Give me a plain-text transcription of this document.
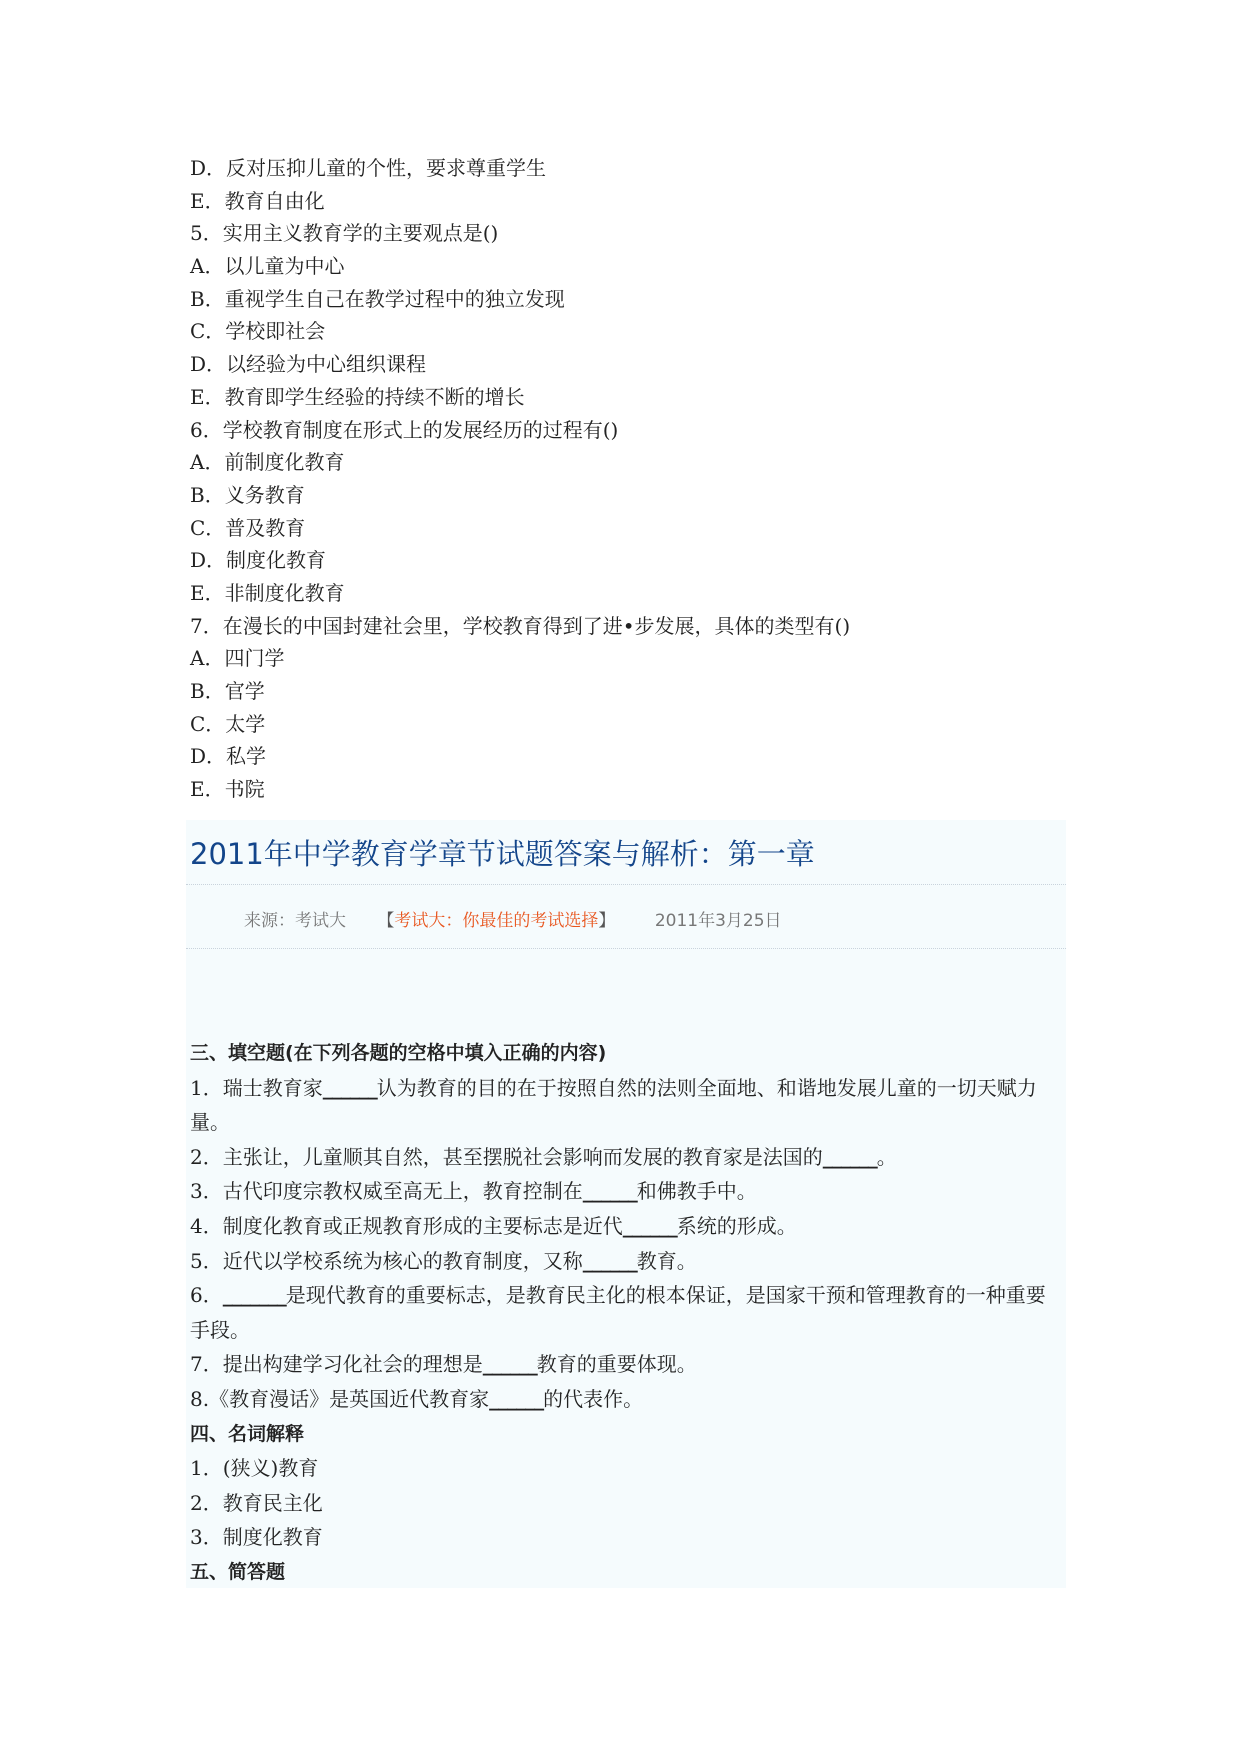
D．反对压抑儿童的个性，要求尊重学生
E．教育自由化
5．实用主义教育学的主要观点是()
A．以儿童为中心
B．重视学生自己在教学过程中的独立发现
C．学校即社会
D．以经验为中心组织课程
E．教育即学生经验的持续不断的增长
6．学校教育制度在形式上的发展经历的过程有()
A．前制度化教育
B．义务教育
C．普及教育
D．制度化教育
E．非制度化教育
7．在漫长的中国封建社会里，学校教育得到了进•步发展，具体的类型有()
A．四门学
B．官学
C．太学
D．私学
E．书院
2011年中学教育学章节试题答案与解析：第一章
来源：考试大 【考试大：你最佳的考试选择】 2011年3月25日
三、填空题(在下列各题的空格中填入正确的内容)
1．瑞士教育家______认为教育的目的在于按照自然的法则全面地、和谐地发展儿童的一切天赋力量。
2．主张让，儿童顺其自然，甚至摆脱社会影响而发展的教育家是法国的______。
3．古代印度宗教权威至高无上，教育控制在______和佛教手中。
4．制度化教育或正规教育形成的主要标志是近代______系统的形成。
5．近代以学校系统为核心的教育制度，又称______教育。
6．_______是现代教育的重要标志，是教育民主化的根本保证，是国家干预和管理教育的一种重要手段。
7．提出构建学习化社会的理想是______教育的重要体现。
8.《教育漫话》是英国近代教育家______的代表作。
四、名词解释
1．(狭义)教育
2．教育民主化
3．制度化教育
五、简答题
